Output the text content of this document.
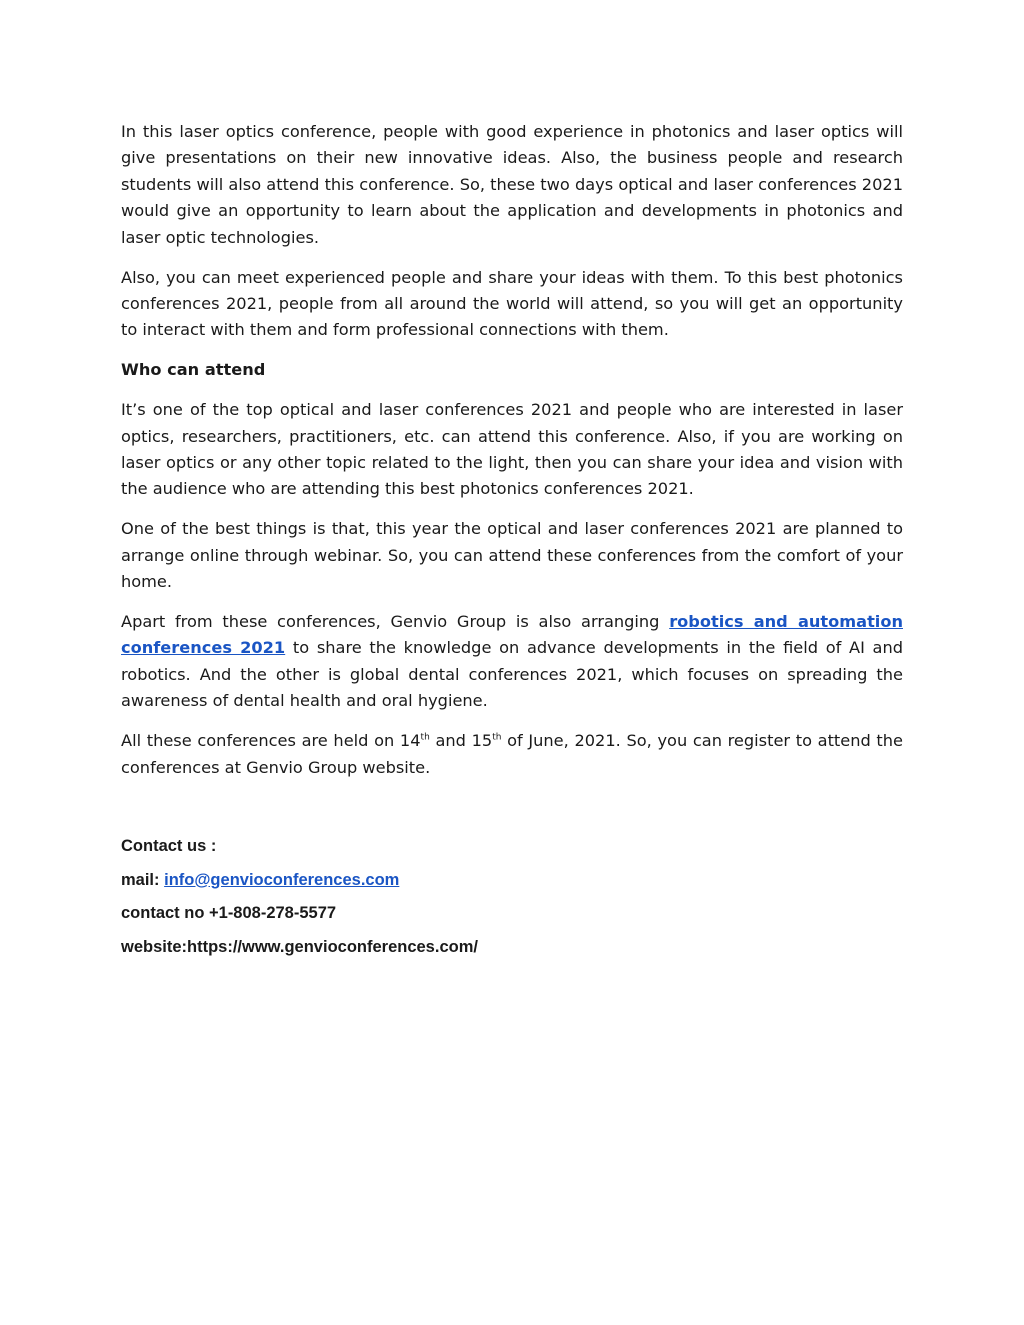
In this laser optics conference, people with good experience in photonics and laser optics will give presentations on their new innovative ideas. Also, the business people and research students will also attend this conference. So, these two days optical and laser conferences 2021 would give an opportunity to learn about the application and developments in photonics and laser optic technologies.

Also, you can meet experienced people and share your ideas with them. To this best photonics conferences 2021, people from all around the world will attend, so you will get an opportunity to interact with them and form professional connections with them.

Who can attend

It’s one of the top optical and laser conferences 2021 and people who are interested in laser optics, researchers, practitioners, etc. can attend this conference. Also, if you are working on laser optics or any other topic related to the light, then you can share your idea and vision with the audience who are attending this best photonics conferences 2021.

One of the best things is that, this year the optical and laser conferences 2021 are planned to arrange online through webinar. So, you can attend these conferences from the comfort of your home.

Apart from these conferences, Genvio Group is also arranging robotics and automation conferences 2021 to share the knowledge on advance developments in the field of AI and robotics. And the other is global dental conferences 2021, which focuses on spreading the awareness of dental health and oral hygiene.

All these conferences are held on 14th and 15th of June, 2021. So, you can register to attend the conferences at Genvio Group website.

Contact us :
mail: info@genvioconferences.com
contact no +1-808-278-5577
website:https://www.genvioconferences.com/
